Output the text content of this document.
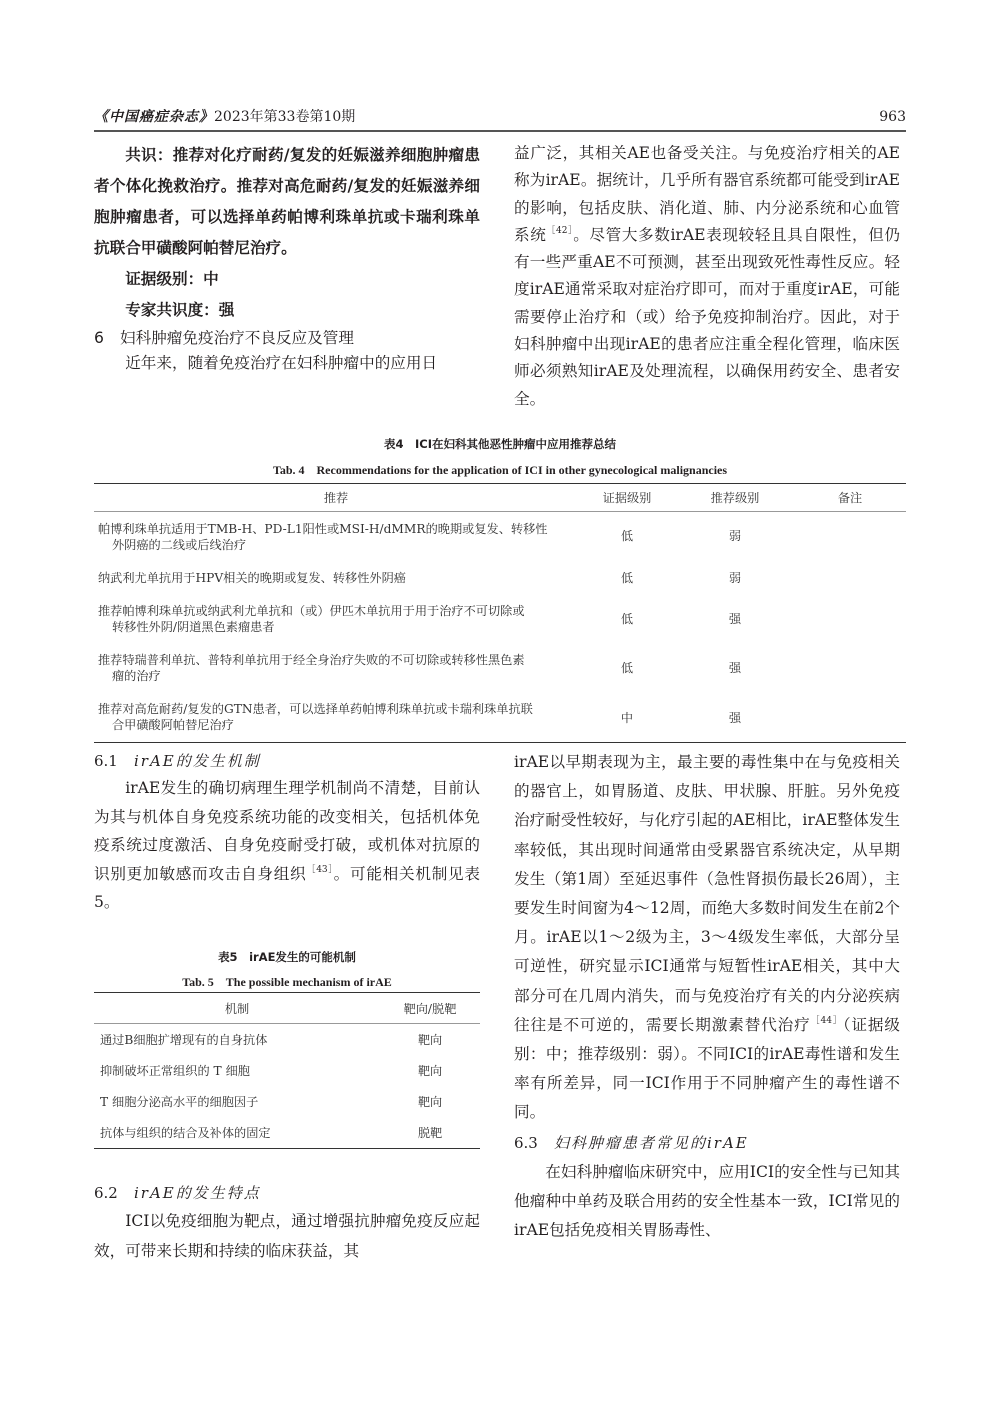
《中国癌症杂志》2023年第33卷第10期	963

共识：推荐对化疗耐药/复发的妊娠滋养细胞肿瘤患者个体化挽救治疗。推荐对高危耐药/复发的妊娠滋养细胞肿瘤患者，可以选择单药帕博利珠单抗或卡瑞利珠单抗联合甲磺酸阿帕替尼治疗。

证据级别：中

专家共识度：强

6 妇科肿瘤免疫治疗不良反应及管理

近年来，随着免疫治疗在妇科肿瘤中的应用日

益广泛，其相关AE也备受关注。与免疫治疗相关的AE称为irAE。据统计，几乎所有器官系统都可能受到irAE的影响，包括皮肤、消化道、肺、内分泌系统和心血管系统$^{[42]}$。尽管大多数irAE表现较轻且具自限性，但仍有一些严重AE不可预测，甚至出现致死性毒性反应。轻度irAE通常采取对症治疗即可，而对于重度irAE，可能需要停止治疗和（或）给予免疫抑制治疗。因此，对于妇科肿瘤中出现irAE的患者应注重全程化管理，临床医师必须熟知irAE及处理流程，以确保用药安全、患者安全。

表4　ICI在妇科其他恶性肿瘤中应用推荐总结
Tab. 4　Recommendations for the application of ICI in other gynecological malignancies
推荐	证据级别	推荐级别	备注
帕博利珠单抗适用于TMB-H、PD-L1阳性或MSI-H/dMMR的晚期或复发、转移性
外阴癌的二线或后线治疗	低	弱	
纳武利尤单抗用于HPV相关的晚期或复发、转移性外阴癌	低	弱	
推荐帕博利珠单抗或纳武利尤单抗和（或）伊匹木单抗用于用于治疗不可切除或
转移性外阴/阴道黑色素瘤患者	低	强	
推荐特瑞普利单抗、普特利单抗用于经全身治疗失败的不可切除或转移性黑色素
瘤的治疗	低	强	
推荐对高危耐药/复发的GTN患者，可以选择单药帕博利珠单抗或卡瑞利珠单抗联
合甲磺酸阿帕替尼治疗	中	强	

6.1 irAE的发生机制

irAE发生的确切病理生理学机制尚不清楚，目前认为其与机体自身免疫系统功能的改变相关，包括机体免疫系统过度激活、自身免疫耐受打破，或机体对抗原的识别更加敏感而攻击自身组织$^{[43]}$。可能相关机制见表5。

表5　irAE发生的可能机制
Tab. 5　The possible mechanism of irAE
机制	靶向/脱靶
通过B细胞扩增现有的自身抗体	靶向
抑制破坏正常组织的 T 细胞	靶向
T 细胞分泌高水平的细胞因子	靶向
抗体与组织的结合及补体的固定	脱靶

6.2 irAE的发生特点

ICI以免疫细胞为靶点，通过增强抗肿瘤免疫反应起效，可带来长期和持续的临床获益，其

irAE以早期表现为主，最主要的毒性集中在与免疫相关的器官上，如胃肠道、皮肤、甲状腺、肝脏。另外免疫治疗耐受性较好，与化疗引起的AE相比，irAE整体发生率较低，其出现时间通常由受累器官系统决定，从早期发生（第1周）至延迟事件（急性肾损伤最长26周），主要发生时间窗为4～12周，而绝大多数时间发生在前2个月。irAE以1～2级为主，3～4级发生率低，大部分呈可逆性，研究显示ICI通常与短暂性irAE相关，其中大部分可在几周内消失，而与免疫治疗有关的内分泌疾病往往是不可逆的，需要长期激素替代治疗$^{[44]}$（证据级别：中；推荐级别：弱）。不同ICI的irAE毒性谱和发生率有所差异，同一ICI作用于不同肿瘤产生的毒性谱不同。

6.3 妇科肿瘤患者常见的irAE

在妇科肿瘤临床研究中，应用ICI的安全性与已知其他瘤种中单药及联合用药的安全性基本一致，ICI常见的irAE包括免疫相关胃肠毒性、
